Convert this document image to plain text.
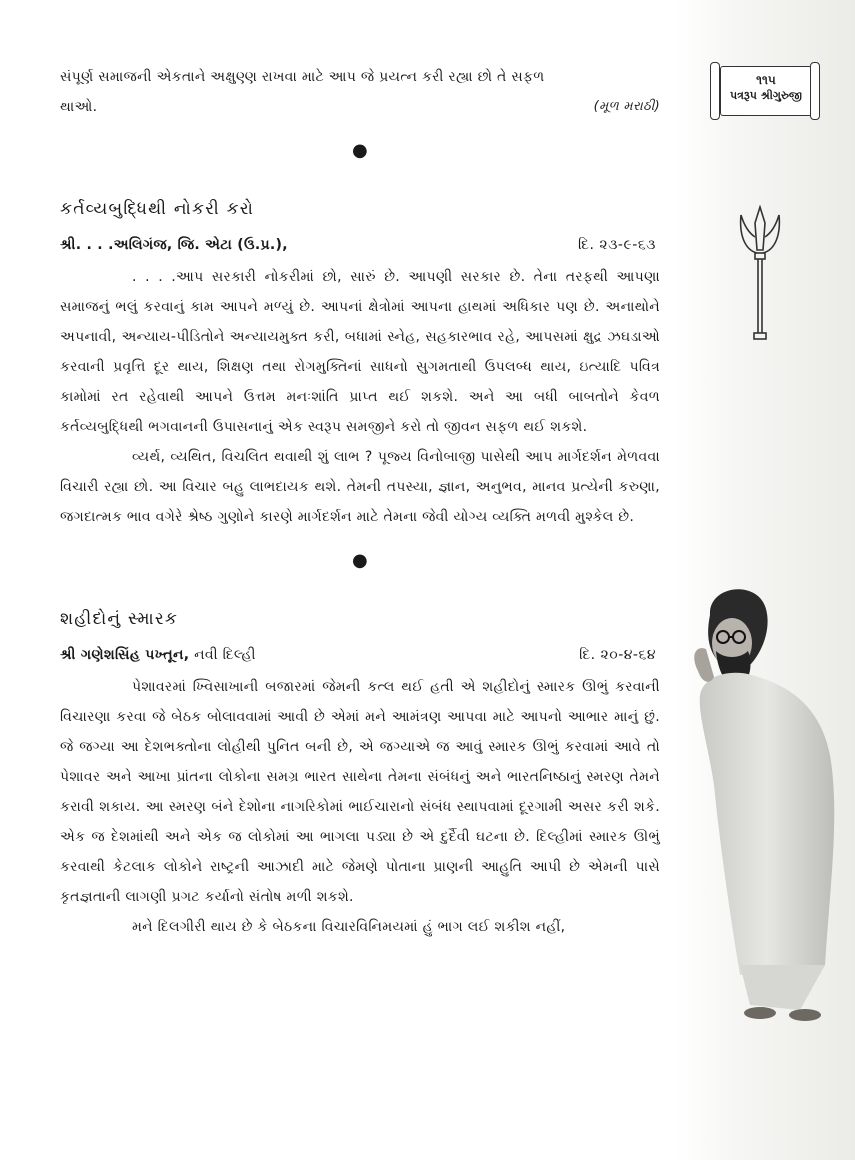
૧૧૫
પત્રરૂપ શ્રીગુરુજી

સંપૂર્ણ સમાજની એકતાને અક્ષુણ્ણ રાખવા માટે આપ જે પ્રયત્ન કરી રહ્યા છો તે સફળ

થાઓ.	(મૂળ મરાઠી)
●
કર્તવ્યબુદ્ધિથી નોકરી કરો
શ્રી. . . .અલિગંજ, જિ. એટા (ઉ.પ્ર.),	દિ. ૨૩-૯-૬૩

. . . .આપ સરકારી નોકરીમાં છો, સારું છે. આપણી સરકાર છે. તેના તરફથી આપણા સમાજનું ભલું કરવાનું કામ આપને મળ્યું છે. આપનાં ક્ષેત્રોમાં આપના હાથમાં અધિકાર પણ છે. અનાથોને અપનાવી, અન્યાય-પીડિતોને અન્યાયમુક્ત કરી, બધામાં સ્નેહ, સહકારભાવ રહે, આપસમાં ક્ષુદ્ર ઝઘડાઓ કરવાની પ્રવૃત્તિ દૂર થાય, શિક્ષણ તથા રોગમુક્તિનાં સાધનો સુગમતાથી ઉપલબ્ધ થાય, ઇત્યાદિ પવિત્ર કામોમાં રત રહેવાથી આપને ઉત્તમ મનઃશાંતિ પ્રાપ્ત થઈ શકશે. અને આ બધી બાબતોને કેવળ કર્તવ્યબુદ્ધિથી ભગવાનની ઉપાસનાનું એક સ્વરૂપ સમજીને કરો તો જીવન સફળ થઈ શકશે.

વ્યર્થ, વ્યથિત, વિચલિત થવાથી શું લાભ ? પૂજ્ય વિનોબાજી પાસેથી આપ માર્ગદર્શન મેળવવા વિચારી રહ્યા છો. આ વિચાર બહુ લાભદાયક થશે. તેમની તપસ્યા, જ્ઞાન, અનુભવ, માનવ પ્રત્યેની કરુણા, જગદાત્મક ભાવ વગેરે શ્રેષ્ઠ ગુણોને કારણે માર્ગદર્શન માટે તેમના જેવી યોગ્ય વ્યક્તિ મળવી મુશ્કેલ છે.

●
શહીદોનું સ્મારક
શ્રી ગણેશસિંહ પખ્તૂન, નવી દિલ્હી	દિ. ૨૦-૪-૬૪

પેશાવરમાં ખ્વિસાખાની બજારમાં જેમની કત્લ થઈ હતી એ શહીદોનું સ્મારક ઊભું કરવાની વિચારણા કરવા જે બેઠક બોલાવવામાં આવી છે એમાં મને આમંત્રણ આપવા માટે આપનો આભાર માનું છું. જે જગ્યા આ દેશભક્તોના લોહીથી પુનિત બની છે, એ જગ્યાએ જ આવું સ્મારક ઊભું કરવામાં આવે તો પેશાવર અને આખા પ્રાંતના લોકોના સમગ્ર ભારત સાથેના તેમના સંબંધનું અને ભારતનિષ્ઠાનું સ્મરણ તેમને કરાવી શકાય. આ સ્મરણ બંને દેશોના નાગરિકોમાં ભાઈચારાનો સંબંધ સ્થાપવામાં દૂરગામી અસર કરી શકે. એક જ દેશમાંથી અને એક જ લોકોમાં આ ભાગલા પડ્યા છે એ દુર્દૈવી ઘટના છે. દિલ્હીમાં સ્મારક ઊભું કરવાથી કેટલાક લોકોને રાષ્ટ્રની આઝાદી માટે જેમણે પોતાના પ્રાણની આહુતિ આપી છે એમની પાસે કૃતજ્ઞતાની લાગણી પ્રગટ કર્યાનો સંતોષ મળી શકશે.

મને દિલગીરી થાય છે કે બેઠકના વિચારવિનિમયમાં હું ભાગ લઈ શકીશ નહીં,
